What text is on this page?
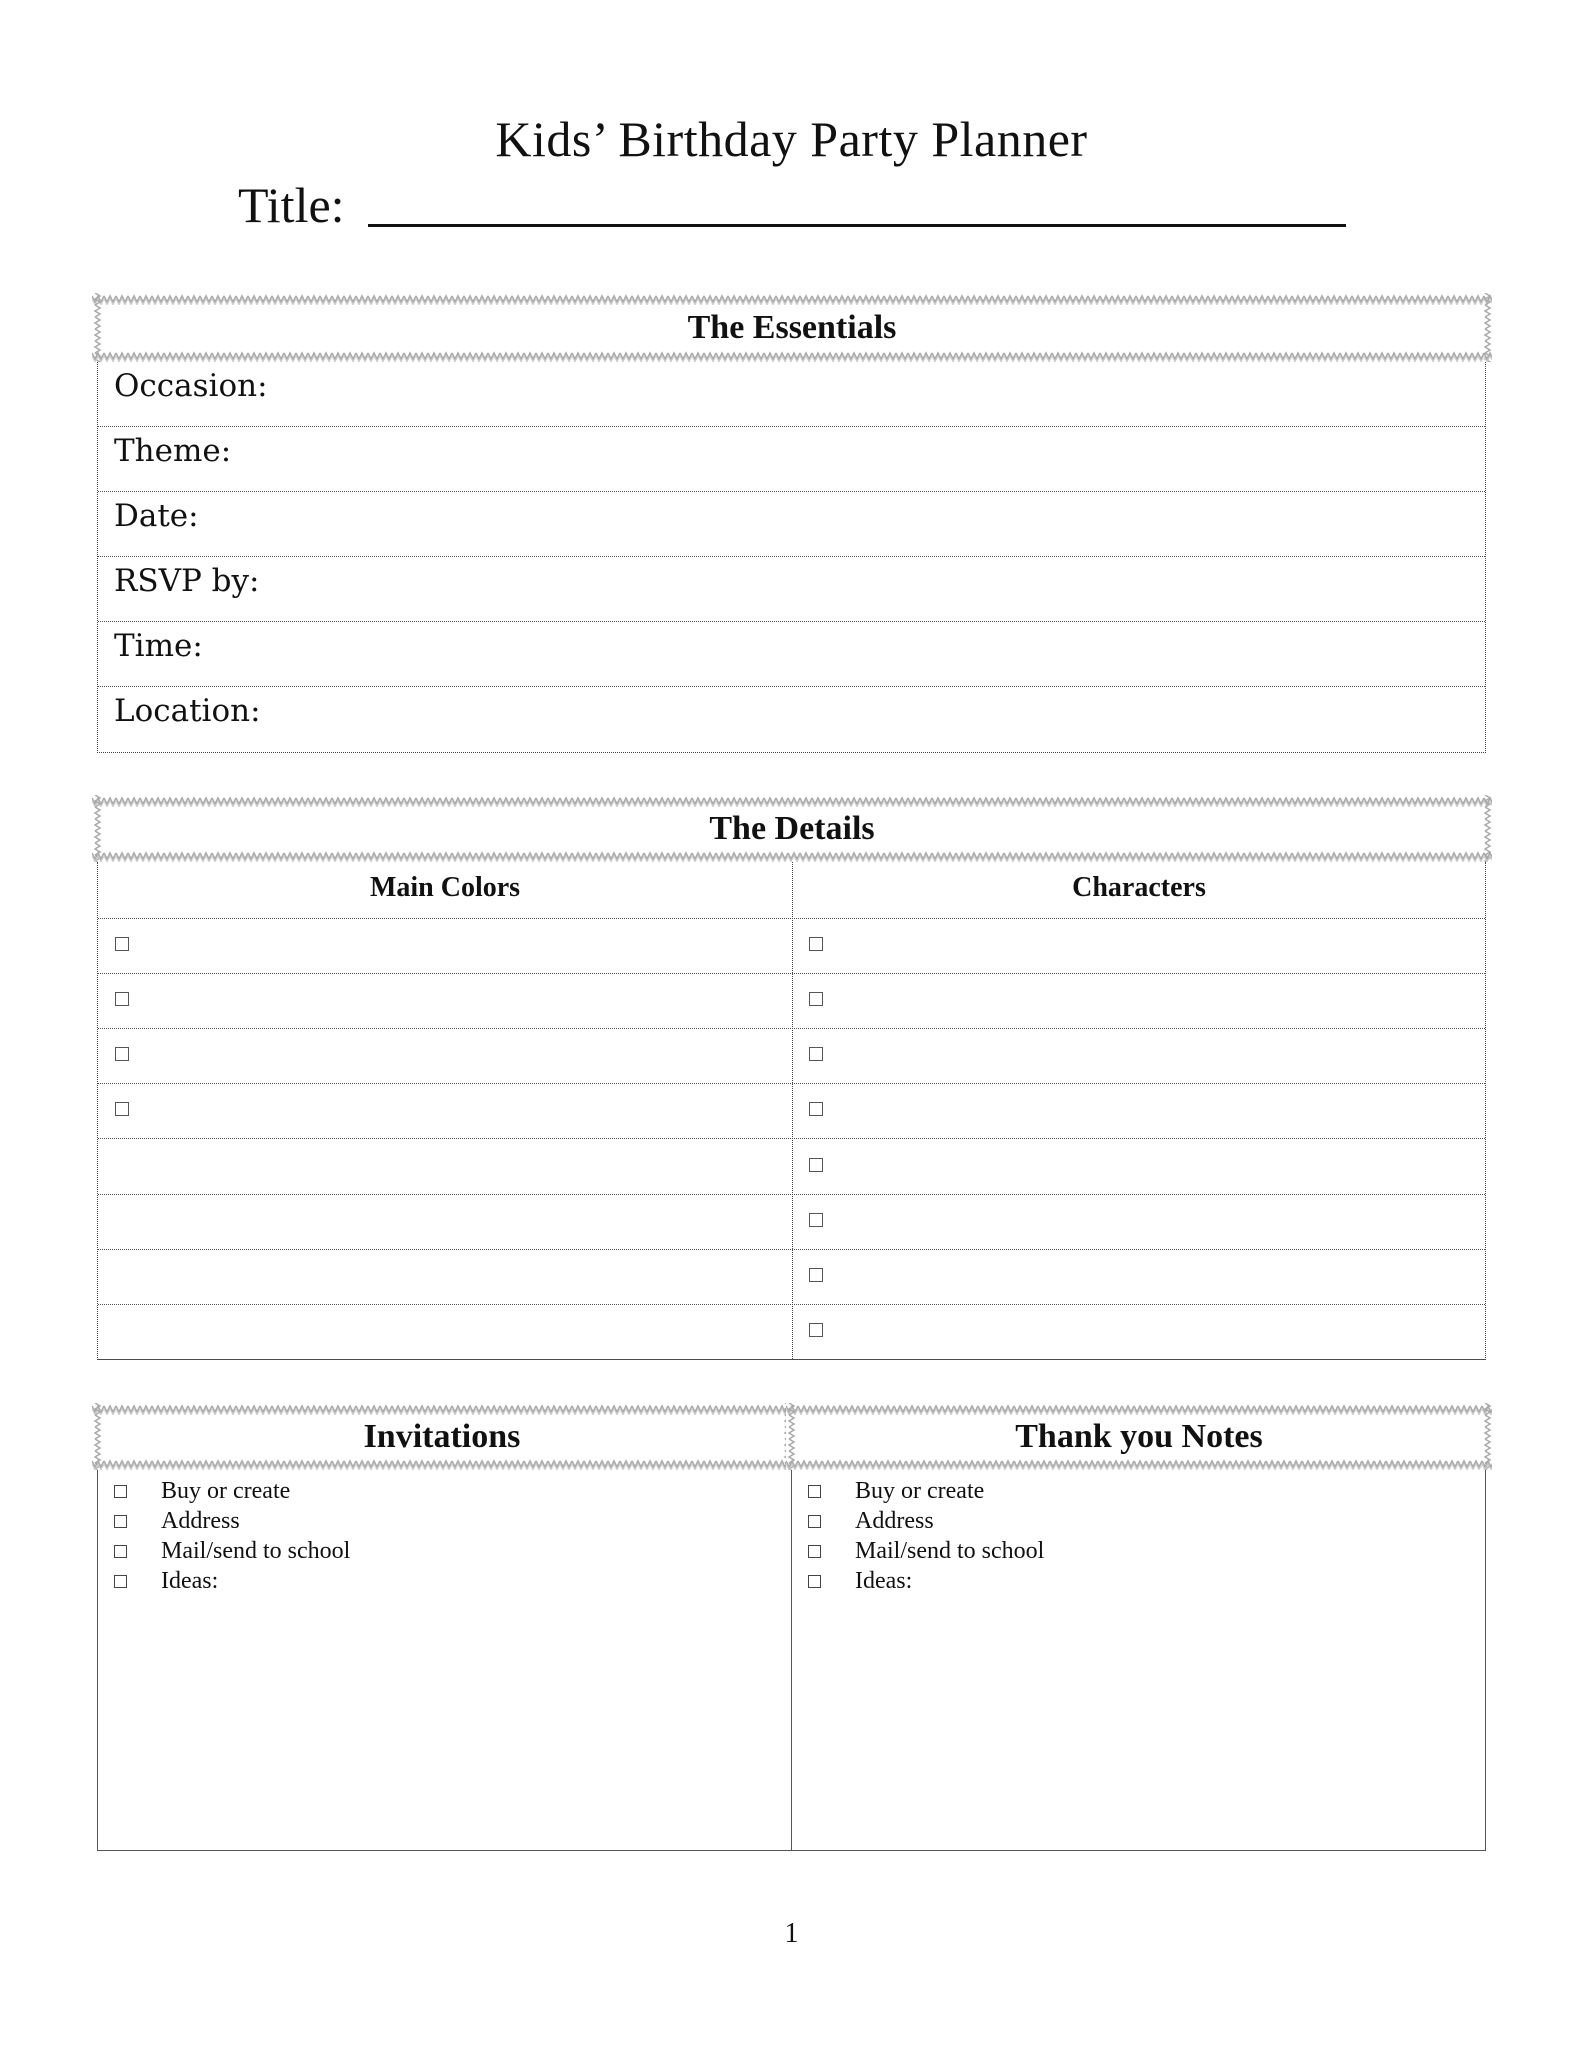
Kids’ Birthday Party Planner
Title:
The Essentials
Occasion:
Theme:
Date:
RSVP by:
Time:
Location:
The Details
Main Colors	Characters
Invitations	Thank you Notes
Buy or create
Address
Mail/send to school
Ideas:
Buy or create
Address
Mail/send to school
Ideas:
1
